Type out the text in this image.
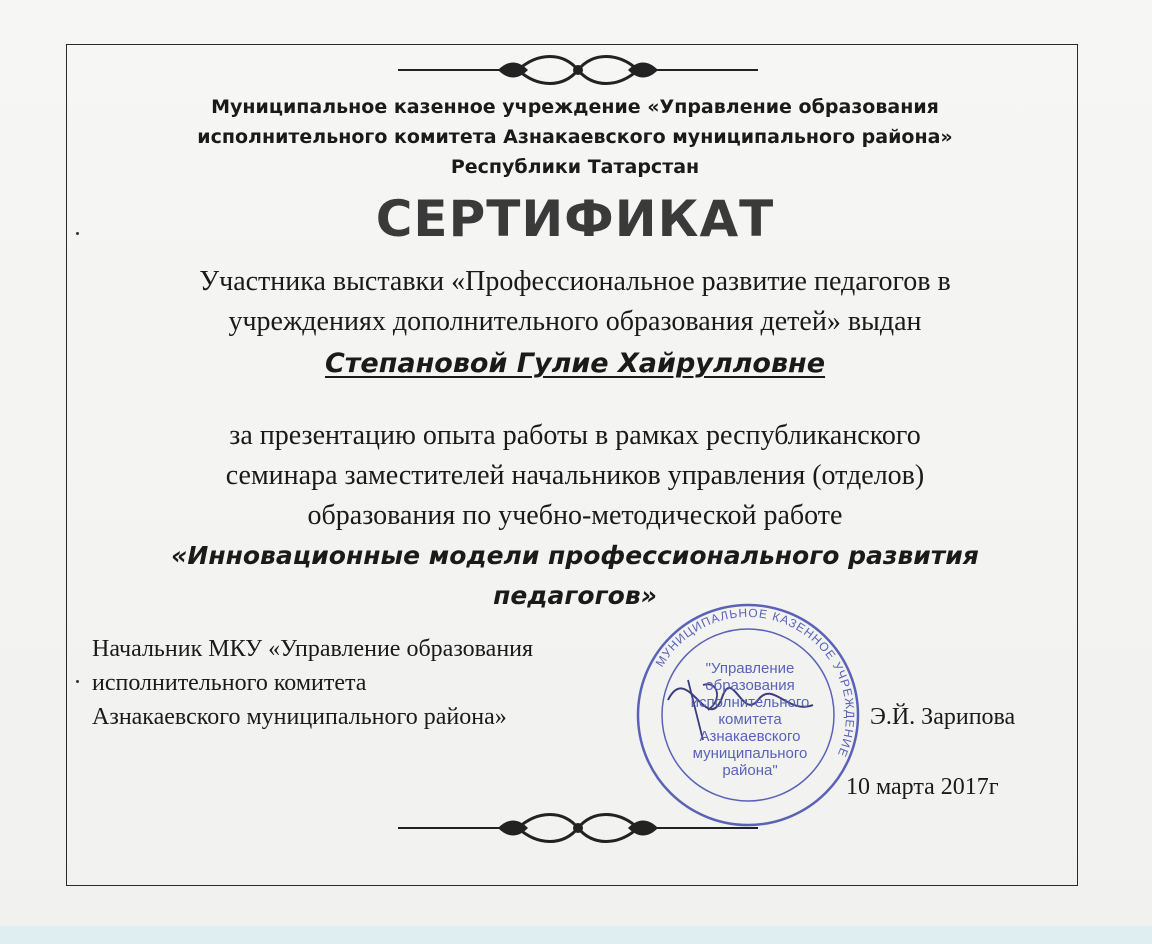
Муниципальное казенное учреждение «Управление образования
исполнительного комитета Азнакаевского муниципального района»
Республики Татарстан
СЕРТИФИКАТ
Участника выставки «Профессиональное развитие педагогов в
учреждениях дополнительного образования детей» выдан
Степановой Гулие Хайрулловне
за презентацию опыта работы в рамках республиканского
семинара заместителей начальников управления (отделов)
образования по учебно-методической работе
«Инновационные модели профессионального развития
педагогов»
Начальник МКУ «Управление образования
исполнительного комитета
Азнакаевского муниципального района»
МУНИЦИПАЛЬНОЕ КАЗЕННОЕ УЧРЕЖДЕНИЕ
"Управление
образования
исполнительного
комитета
Азнакаевского
муниципального
района"
Э.Й. Зарипова
10 марта 2017г
